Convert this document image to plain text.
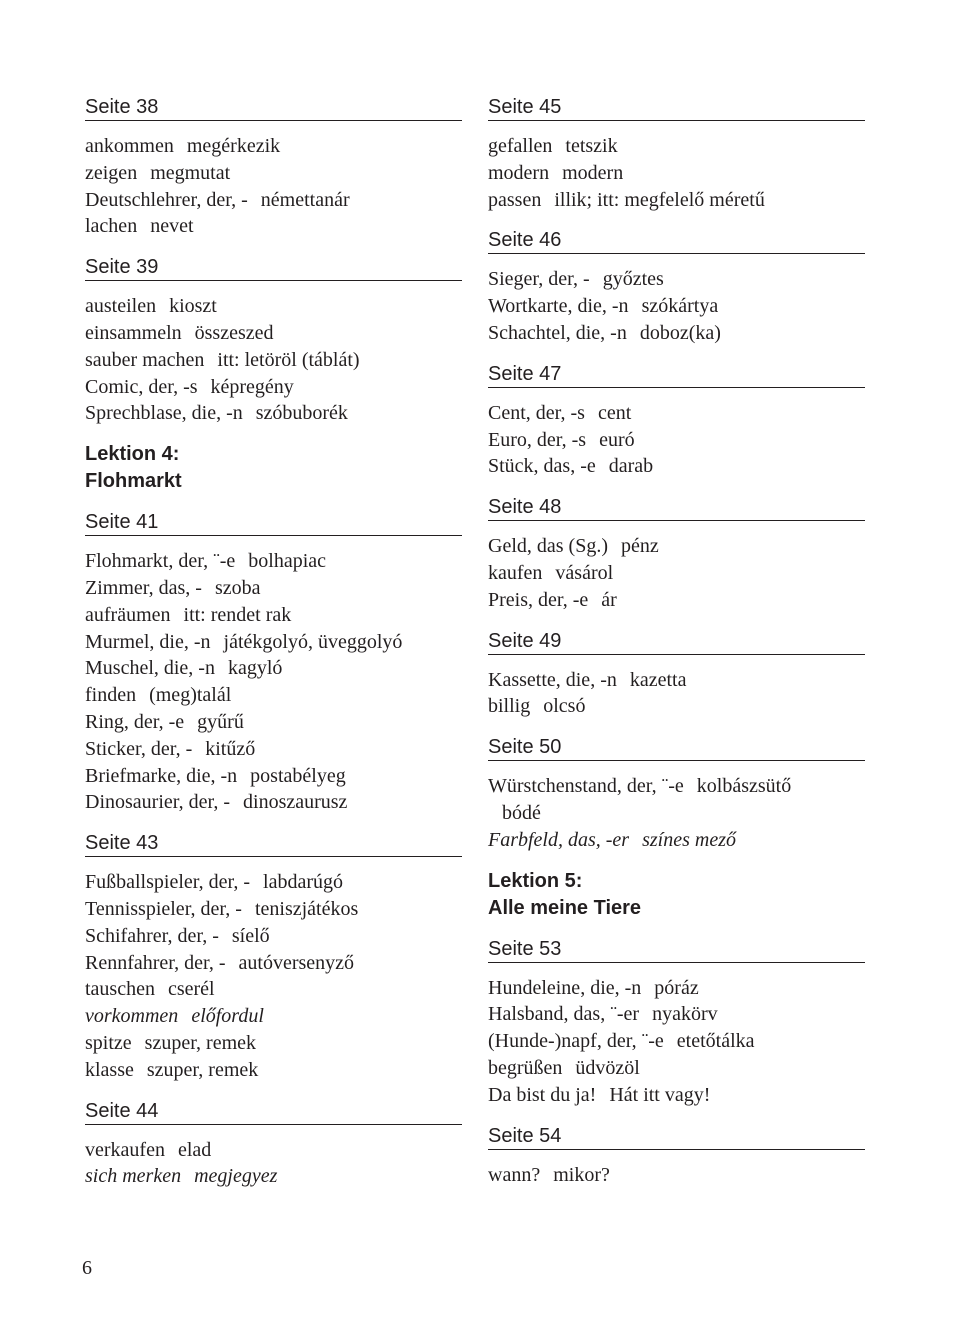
Seite 38
ankommen megérkezik
zeigen megmutat
Deutschlehrer, der, - némettanár
lachen nevet
Seite 39
austeilen kioszt
einsammeln összeszed
sauber machen itt: letöröl (táblát)
Comic, der, -s képregény
Sprechblase, die, -n szóbuborék
Lektion 4:
Flohmarkt
Seite 41
Flohmarkt, der, ¨-e bolhapiac
Zimmer, das, - szoba
aufräumen itt: rendet rak
Murmel, die, -n játékgolyó, üveggolyó
Muschel, die, -n kagyló
finden (meg)talál
Ring, der, -e gyűrű
Sticker, der, - kitűző
Briefmarke, die, -n postabélyeg
Dinosaurier, der, - dinoszaurusz
Seite 43
Fußballspieler, der, - labdarúgó
Tennisspieler, der, - teniszjátékos
Schifahrer, der, - síelő
Rennfahrer, der, - autóversenyző
tauschen cserél
vorkommen előfordul
spitze szuper, remek
klasse szuper, remek
Seite 44
verkaufen elad
sich merken megjegyez
Seite 45
gefallen tetszik
modern modern
passen illik; itt: megfelelő méretű
Seite 46
Sieger, der, - győztes
Wortkarte, die, -n szókártya
Schachtel, die, -n doboz(ka)
Seite 47
Cent, der, -s cent
Euro, der, -s euró
Stück, das, -e darab
Seite 48
Geld, das (Sg.) pénz
kaufen vásárol
Preis, der, -e ár
Seite 49
Kassette, die, -n kazetta
billig olcsó
Seite 50
Würstchenstand, der, ¨-e kolbászsütő
bódé
Farbfeld, das, -er színes mező
Lektion 5:
Alle meine Tiere
Seite 53
Hundeleine, die, -n póráz
Halsband, das, ¨-er nyakörv
(Hunde-)napf, der, ¨-e etetőtálka
begrüßen üdvözöl
Da bist du ja! Hát itt vagy!
Seite 54
wann? mikor?
6
